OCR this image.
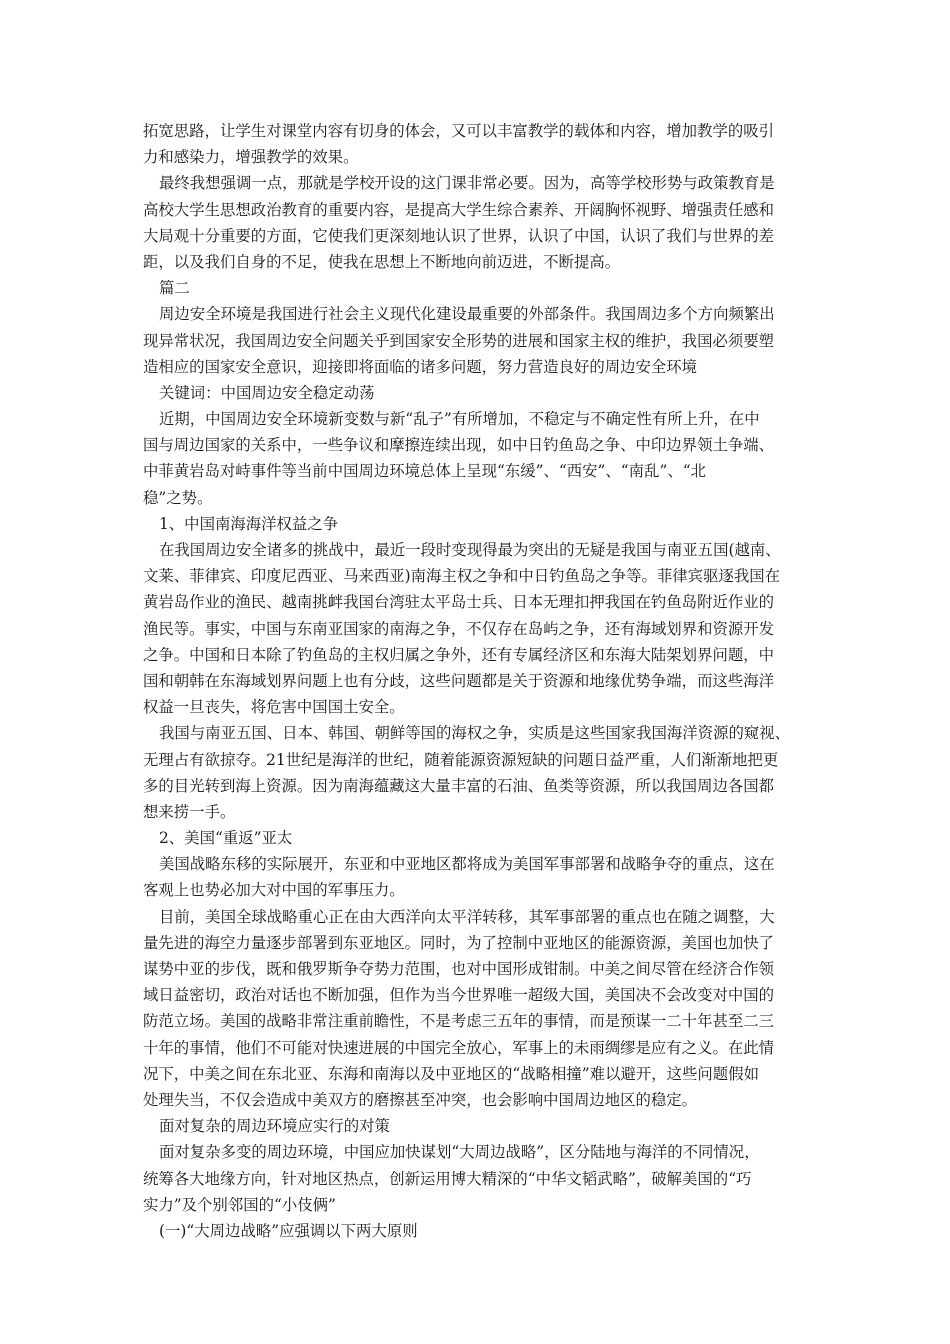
拓宽思路，让学生对课堂内容有切身的体会，又可以丰富教学的载体和内容，增加教学的吸引
力和感染力，增强教学的效果。
最终我想强调一点，那就是学校开设的这门课非常必要。因为，高等学校形势与政策教育是
高校大学生思想政治教育的重要内容，是提高大学生综合素养、开阔胸怀视野、增强责任感和
大局观十分重要的方面，它使我们更深刻地认识了世界，认识了中国，认识了我们与世界的差
距，以及我们自身的不足，使我在思想上不断地向前迈进，不断提高。
篇二
周边安全环境是我国进行社会主义现代化建设最重要的外部条件。我国周边多个方向频繁出
现异常状况，我国周边安全问题关乎到国家安全形势的进展和国家主权的维护，我国必须要塑
造相应的国家安全意识，迎接即将面临的诸多问题，努力营造良好的周边安全环境
关键词：中国周边安全稳定动荡
近期，中国周边安全环境新变数与新“乱子”有所增加，不稳定与不确定性有所上升，在中
国与周边国家的关系中，一些争议和摩擦连续出现，如中日钓鱼岛之争、中印边界领土争端、
中菲黄岩岛对峙事件等当前中国周边环境总体上呈现“东缓”、“西安”、“南乱”、“北
稳”之势。
1、中国南海海洋权益之争
在我国周边安全诸多的挑战中，最近一段时变现得最为突出的无疑是我国与南亚五国(越南、
文莱、菲律宾、印度尼西亚、马来西亚)南海主权之争和中日钓鱼岛之争等。菲律宾驱逐我国在
黄岩岛作业的渔民、越南挑衅我国台湾驻太平岛士兵、日本无理扣押我国在钓鱼岛附近作业的
渔民等。事实，中国与东南亚国家的南海之争，不仅存在岛屿之争，还有海域划界和资源开发
之争。中国和日本除了钓鱼岛的主权归属之争外，还有专属经济区和东海大陆架划界问题，中
国和朝韩在东海域划界问题上也有分歧，这些问题都是关于资源和地缘优势争端，而这些海洋
权益一旦丧失，将危害中国国土安全。
我国与南亚五国、日本、韩国、朝鲜等国的海权之争，实质是这些国家我国海洋资源的窥视、
无理占有欲掠夺。21世纪是海洋的世纪，随着能源资源短缺的问题日益严重，人们渐渐地把更
多的目光转到海上资源。因为南海蕴藏这大量丰富的石油、鱼类等资源，所以我国周边各国都
想来捞一手。
2、美国“重返”亚太
美国战略东移的实际展开，东亚和中亚地区都将成为美国军事部署和战略争夺的重点，这在
客观上也势必加大对中国的军事压力。
目前，美国全球战略重心正在由大西洋向太平洋转移，其军事部署的重点也在随之调整，大
量先进的海空力量逐步部署到东亚地区。同时，为了控制中亚地区的能源资源，美国也加快了
谋势中亚的步伐，既和俄罗斯争夺势力范围，也对中国形成钳制。中美之间尽管在经济合作领
域日益密切，政治对话也不断加强，但作为当今世界唯一超级大国，美国决不会改变对中国的
防范立场。美国的战略非常注重前瞻性，不是考虑三五年的事情，而是预谋一二十年甚至二三
十年的事情，他们不可能对快速进展的中国完全放心，军事上的未雨绸缪是应有之义。在此情
况下，中美之间在东北亚、东海和南海以及中亚地区的“战略相撞”难以避开，这些问题假如
处理失当，不仅会造成中美双方的磨擦甚至冲突，也会影响中国周边地区的稳定。
面对复杂的周边环境应实行的对策
面对复杂多变的周边环境，中国应加快谋划“大周边战略”，区分陆地与海洋的不同情况，
统筹各大地缘方向，针对地区热点，创新运用博大精深的“中华文韬武略”，破解美国的“巧
实力”及个别邻国的“小伎俩”
(一)“大周边战略”应强调以下两大原则
